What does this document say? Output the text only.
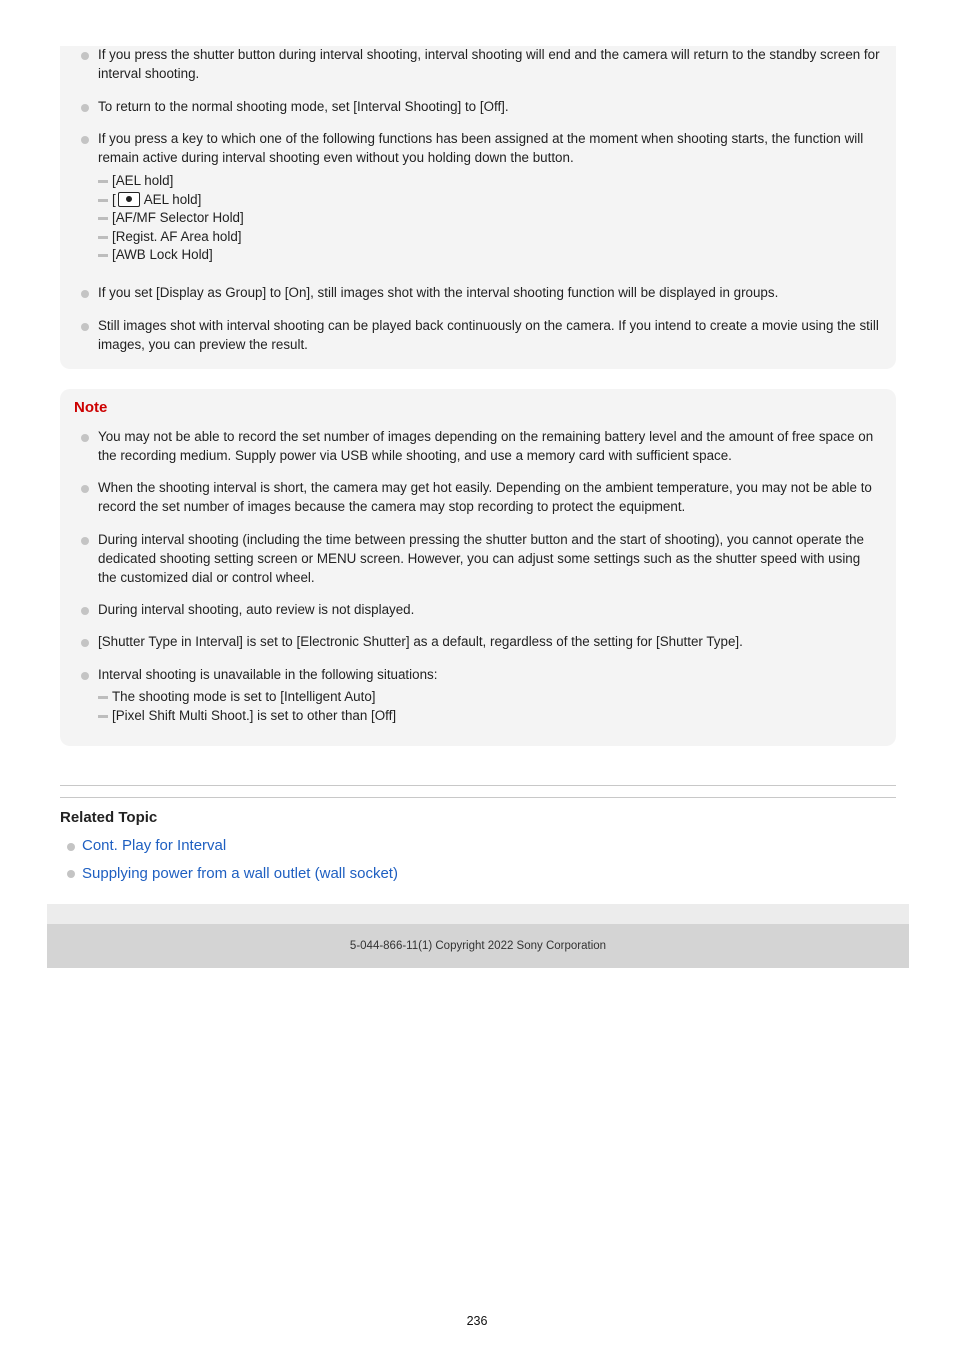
If you press the shutter button during interval shooting, interval shooting will end and the camera will return to the standby screen for interval shooting.

To return to the normal shooting mode, set [Interval Shooting] to [Off].

If you press a key to which one of the following functions has been assigned at the moment when shooting starts, the function will remain active during interval shooting even without you holding down the button.

[AEL hold]
[ AEL hold]
[AF/MF Selector Hold]
[Regist. AF Area hold]
[AWB Lock Hold]

If you set [Display as Group] to [On], still images shot with the interval shooting function will be displayed in groups.

Still images shot with interval shooting can be played back continuously on the camera. If you intend to create a movie using the still images, you can preview the result.

Note

You may not be able to record the set number of images depending on the remaining battery level and the amount of free space on the recording medium. Supply power via USB while shooting, and use a memory card with sufficient space.

When the shooting interval is short, the camera may get hot easily. Depending on the ambient temperature, you may not be able to record the set number of images because the camera may stop recording to protect the equipment.

During interval shooting (including the time between pressing the shutter button and the start of shooting), you cannot operate the dedicated shooting setting screen or MENU screen. However, you can adjust some settings such as the shutter speed with using the customized dial or control wheel.

During interval shooting, auto review is not displayed.

[Shutter Type in Interval] is set to [Electronic Shutter] as a default, regardless of the setting for [Shutter Type].

Interval shooting is unavailable in the following situations:

The shooting mode is set to [Intelligent Auto]
[Pixel Shift Multi Shoot.] is set to other than [Off]
Related Topic
Cont. Play for Interval
Supplying power from a wall outlet (wall socket)
5-044-866-11(1) Copyright 2022 Sony Corporation
236
